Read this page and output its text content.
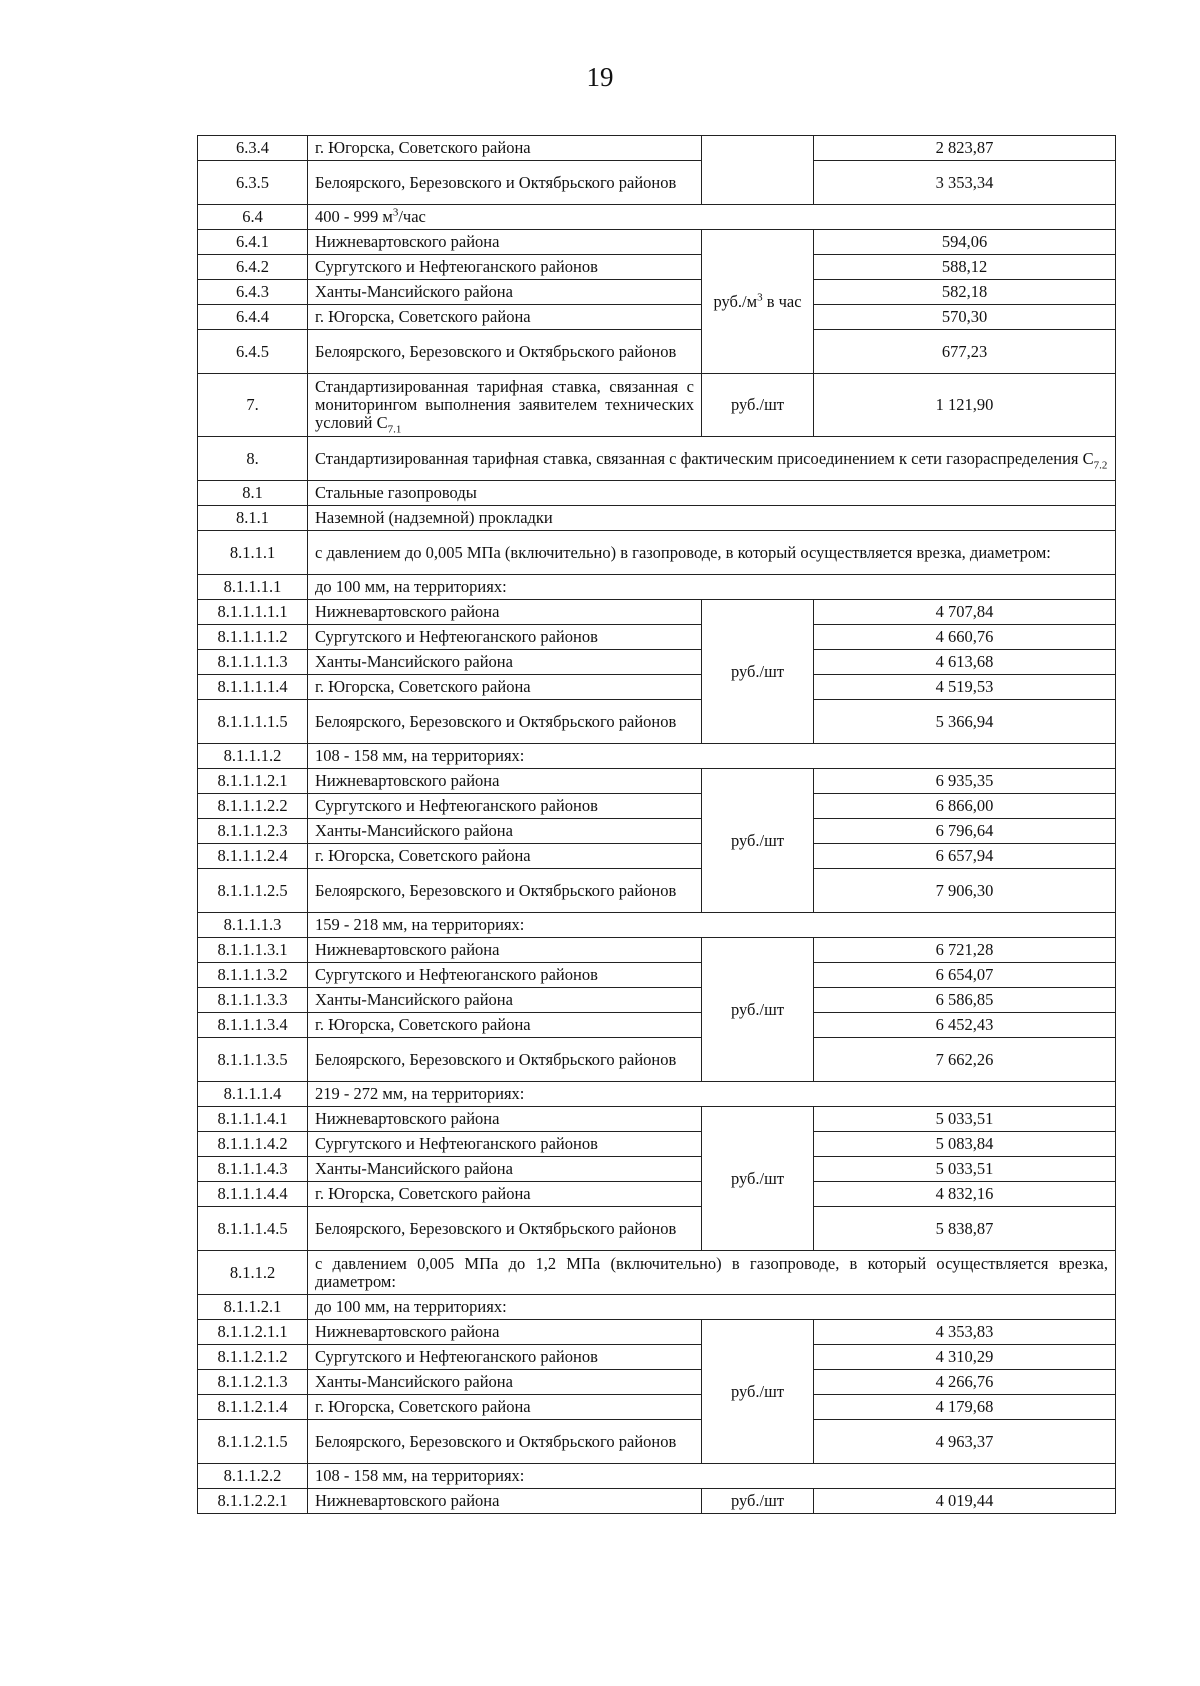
19
6.3.4	г. Югорска, Советского района		2 823,87
6.3.5	Белоярского, Березовского и Октябрьского районов		3 353,34
6.4	400 - 999 $м^3$/час		
6.4.1	Нижневартовского района	$руб./м^3$ в час	594,06
6.4.2	Сургутского и Нефтеюганского районов		588,12
6.4.3	Ханты-Мансийского района		582,18
6.4.4	г. Югорска, Советского района		570,30
6.4.5	Белоярского, Березовского и Октябрьского районов		677,23
7.	Стандартизированная тарифная ставка, связанная с мониторингом выполнения заявителем технических условий $С_{7.1}$	руб./шт	1 121,90
8.	Стандартизированная тарифная ставка, связанная с фактическим присоединением к сети газораспределения $С_{7.2}$
8.1	Стальные газопроводы		
8.1.1	Наземной (надземной) прокладки		
8.1.1.1	с давлением до 0,005 МПа (включительно) в газопроводе, в который осуществляется врезка, диаметром:		
8.1.1.1.1	до 100 мм, на территориях:		
8.1.1.1.1.1	Нижневартовского района	руб./шт	4 707,84
8.1.1.1.1.2	Сургутского и Нефтеюганского районов		4 660,76
8.1.1.1.1.3	Ханты-Мансийского района		4 613,68
8.1.1.1.1.4	г. Югорска, Советского района		4 519,53
8.1.1.1.1.5	Белоярского, Березовского и Октябрьского районов		5 366,94
8.1.1.1.2	108 - 158 мм, на территориях:		
8.1.1.1.2.1	Нижневартовского района	руб./шт	6 935,35
8.1.1.1.2.2	Сургутского и Нефтеюганского районов		6 866,00
8.1.1.1.2.3	Ханты-Мансийского района		6 796,64
8.1.1.1.2.4	г. Югорска, Советского района		6 657,94
8.1.1.1.2.5	Белоярского, Березовского и Октябрьского районов		7 906,30
8.1.1.1.3	159 - 218 мм, на территориях:		
8.1.1.1.3.1	Нижневартовского района	руб./шт	6 721,28
8.1.1.1.3.2	Сургутского и Нефтеюганского районов		6 654,07
8.1.1.1.3.3	Ханты-Мансийского района		6 586,85
8.1.1.1.3.4	г. Югорска, Советского района		6 452,43
8.1.1.1.3.5	Белоярского, Березовского и Октябрьского районов		7 662,26
8.1.1.1.4	219 - 272 мм, на территориях:		
8.1.1.1.4.1	Нижневартовского района	руб./шт	5 033,51
8.1.1.1.4.2	Сургутского и Нефтеюганского районов		5 083,84
8.1.1.1.4.3	Ханты-Мансийского района		5 033,51
8.1.1.1.4.4	г. Югорска, Советского района		4 832,16
8.1.1.1.4.5	Белоярского, Березовского и Октябрьского районов		5 838,87
8.1.1.2	с давлением 0,005 МПа до 1,2 МПа (включительно) в газопроводе, в который осуществляется врезка, диаметром:		
8.1.1.2.1	до 100 мм, на территориях:		
8.1.1.2.1.1	Нижневартовского района	руб./шт	4 353,83
8.1.1.2.1.2	Сургутского и Нефтеюганского районов		4 310,29
8.1.1.2.1.3	Ханты-Мансийского района		4 266,76
8.1.1.2.1.4	г. Югорска, Советского района		4 179,68
8.1.1.2.1.5	Белоярского, Березовского и Октябрьского районов		4 963,37
8.1.1.2.2	108 - 158 мм, на территориях:		
8.1.1.2.2.1	Нижневартовского района	руб./шт	4 019,44
